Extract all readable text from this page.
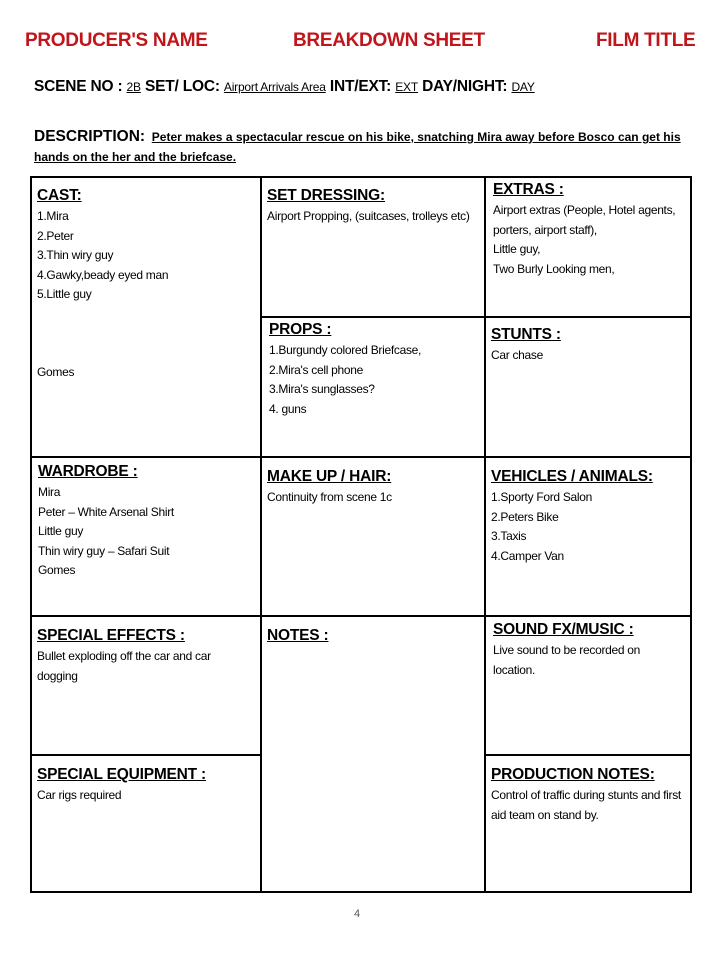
PRODUCER'S NAME	BREAKDOWN SHEET	FILM TITLE
SCENE NO : 2B SET/ LOC: Airport Arrivals Area INT/EXT: EXT DAY/NIGHT: DAY
DESCRIPTION: Peter makes a spectacular rescue on his bike, snatching Mira away before Bosco can get his hands on the her and the briefcase.
CAST:
1.Mira
2.Peter
3.Thin wiry guy
4.Gawky,beady eyed man
5.Little guy
Gomes
SET DRESSING:
Airport Propping, (suitcases, trolleys etc)
EXTRAS :
Airport extras (People, Hotel agents, porters, airport staff),
Little guy,
Two Burly Looking men,
PROPS :
1.Burgundy colored Briefcase,
2.Mira's cell phone
3.Mira's sunglasses?
4. guns
STUNTS :
Car chase
WARDROBE :
Mira
Peter – White Arsenal Shirt
Little guy
Thin wiry guy – Safari Suit
Gomes
MAKE UP / HAIR:
Continuity from scene 1c
VEHICLES / ANIMALS:
1.Sporty Ford Salon
2.Peters Bike
3.Taxis
4.Camper Van
SPECIAL EFFECTS :
Bullet exploding off the car and car dogging
NOTES :	SOUND FX/MUSIC :
Live sound to be recorded on location.
SPECIAL EQUIPMENT :
Car rigs required
PRODUCTION NOTES:
Control of traffic during stunts and first aid team on stand by.
4
